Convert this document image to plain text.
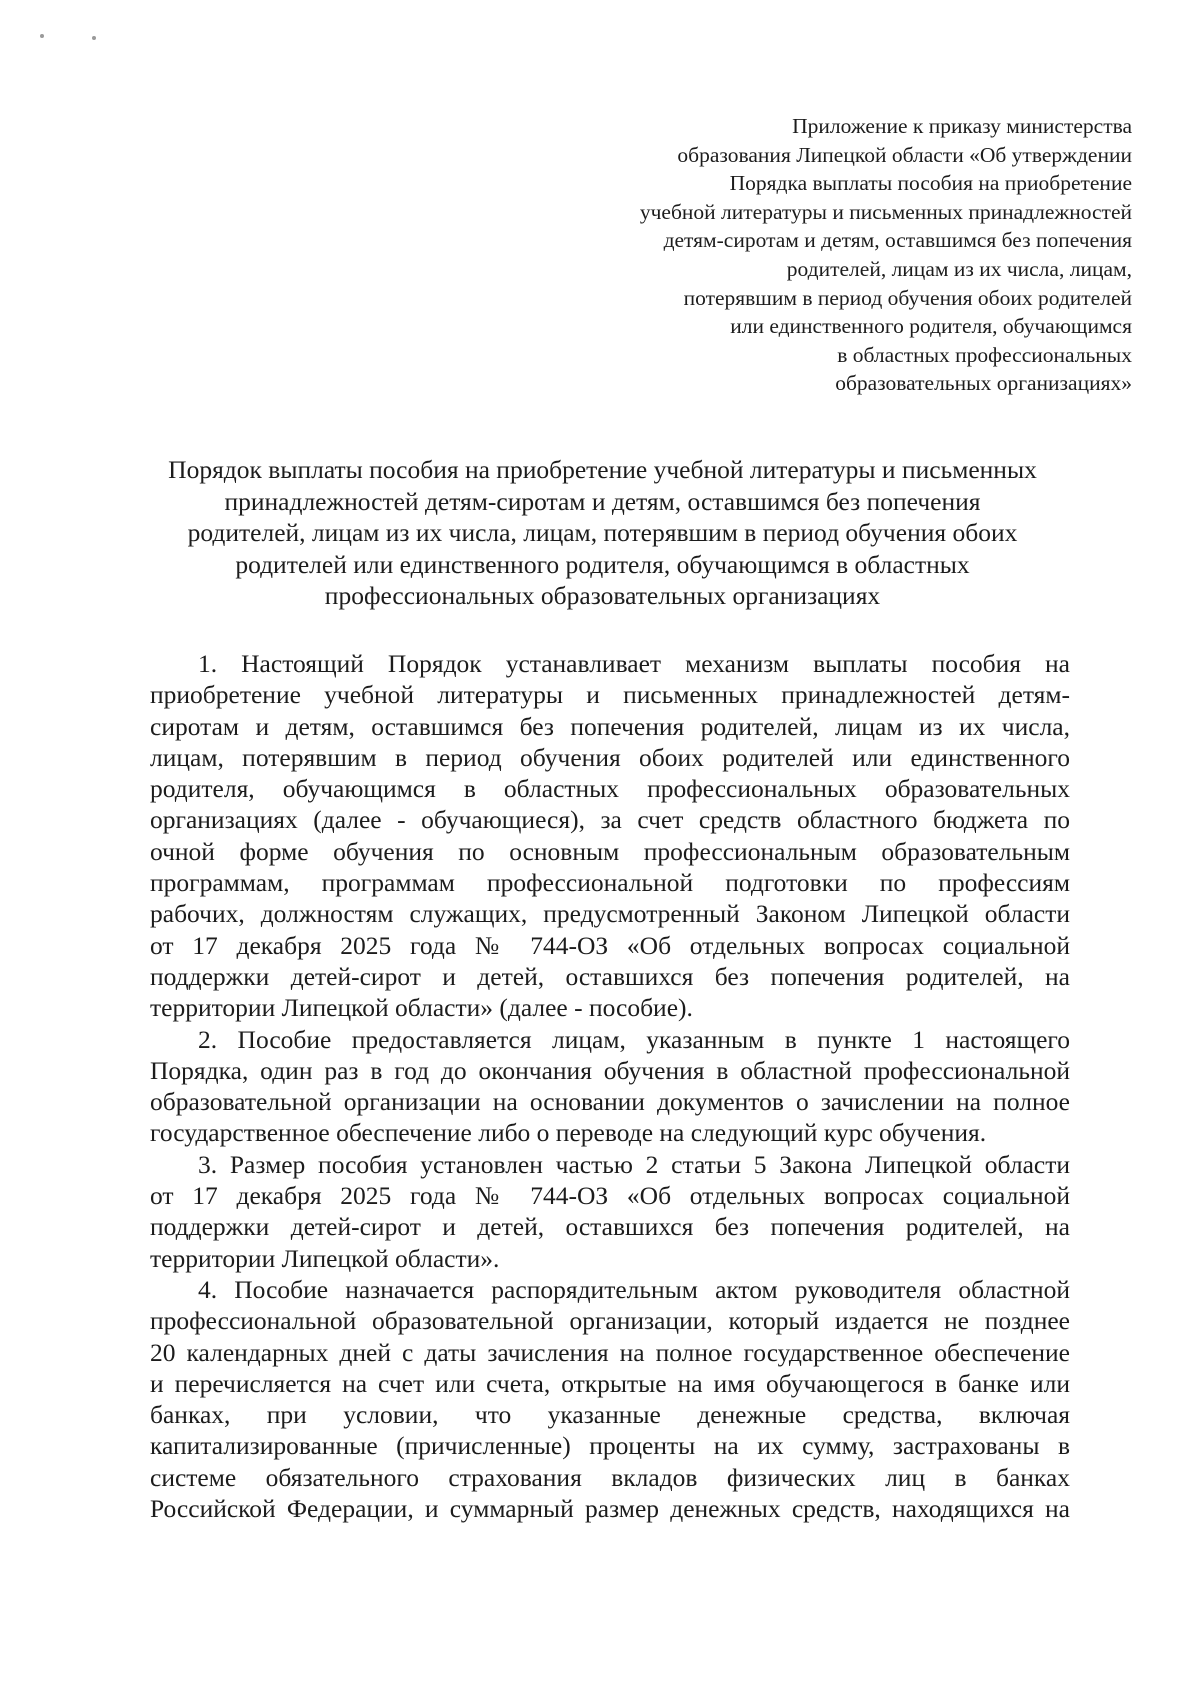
Приложение к приказу министерства
образования Липецкой области «Об утверждении
Порядка выплаты пособия на приобретение
учебной литературы и письменных принадлежностей
детям-сиротам и детям, оставшимся без попечения
родителей, лицам из их числа, лицам,
потерявшим в период обучения обоих родителей
или единственного родителя, обучающимся
в областных профессиональных
образовательных организациях»
Порядок выплаты пособия на приобретение учебной литературы и письменных
принадлежностей детям-сиротам и детям, оставшимся без попечения
родителей, лицам из их числа, лицам, потерявшим в период обучения обоих
родителей или единственного родителя, обучающимся в областных
профессиональных образовательных организациях
1. Настоящий Порядок устанавливает механизм выплаты пособия на
приобретение учебной литературы и письменных принадлежностей детям-
сиротам и детям, оставшимся без попечения родителей, лицам из их числа,
лицам, потерявшим в период обучения обоих родителей или единственного
родителя, обучающимся в областных профессиональных образовательных
организациях (далее - обучающиеся), за счет средств областного бюджета по
очной форме обучения по основным профессиональным образовательным
программам, программам профессиональной подготовки по профессиям
рабочих, должностям служащих, предусмотренный Законом Липецкой области
от 17 декабря 2025 года № 744-ОЗ «Об отдельных вопросах социальной
поддержки детей-сирот и детей, оставшихся без попечения родителей, на
территории Липецкой области» (далее - пособие).
2. Пособие предоставляется лицам, указанным в пункте 1 настоящего
Порядка, один раз в год до окончания обучения в областной профессиональной
образовательной организации на основании документов о зачислении на полное
государственное обеспечение либо о переводе на следующий курс обучения.
3. Размер пособия установлен частью 2 статьи 5 Закона Липецкой области
от 17 декабря 2025 года № 744-ОЗ «Об отдельных вопросах социальной
поддержки детей-сирот и детей, оставшихся без попечения родителей, на
территории Липецкой области».
4. Пособие назначается распорядительным актом руководителя областной
профессиональной образовательной организации, который издается не позднее
20 календарных дней с даты зачисления на полное государственное обеспечение
и перечисляется на счет или счета, открытые на имя обучающегося в банке или
банках, при условии, что указанные денежные средства, включая
капитализированные (причисленные) проценты на их сумму, застрахованы в
системе обязательного страхования вкладов физических лиц в банках
Российской Федерации, и суммарный размер денежных средств, находящихся на
